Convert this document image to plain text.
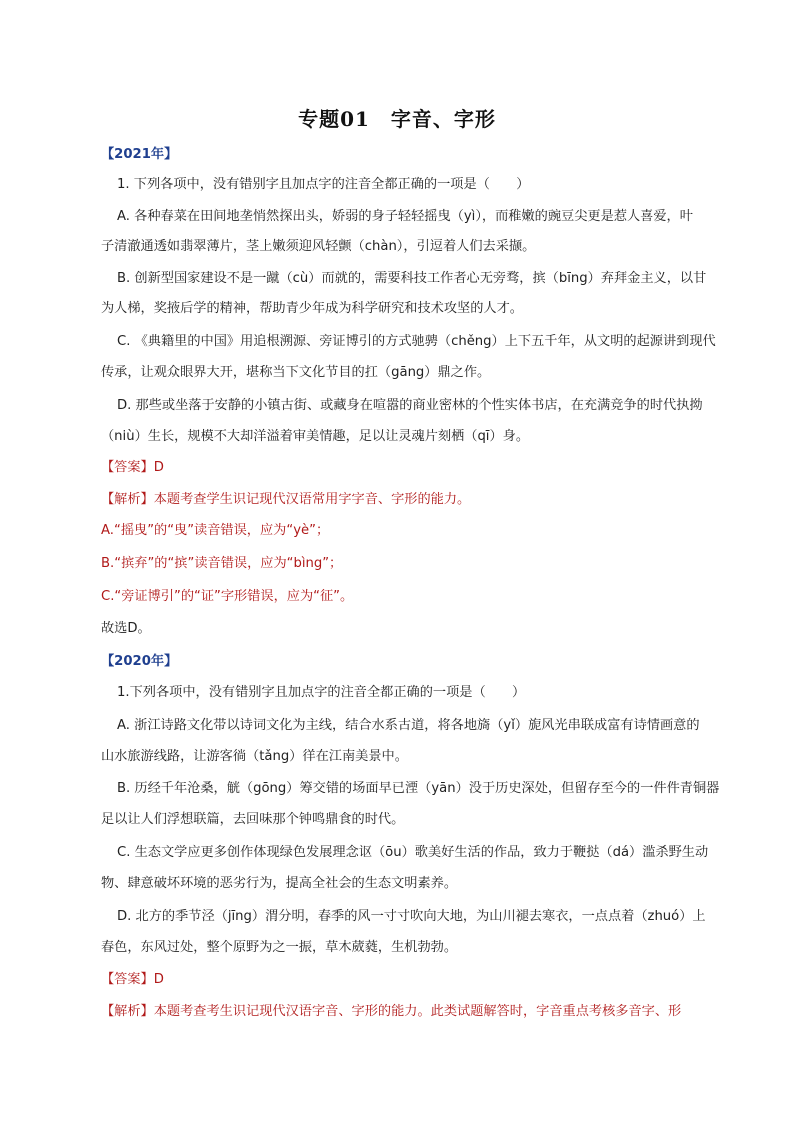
专题01　字音、字形
【2021年】
1. 下列各项中，没有错别字且加点字的注音全都正确的一项是（　　）
A. 各种春菜在田间地垄悄然探出头，娇弱的身子轻轻摇曳（yì），而稚嫩的豌豆尖更是惹人喜爱，叶
子清澈通透如翡翠薄片，茎上嫩须迎风轻颤（chàn），引逗着人们去采撷。
B. 创新型国家建设不是一蹴（cù）而就的，需要科技工作者心无旁骛，摈（bīng）弃拜金主义，以甘
为人梯，奖掖后学的精神，帮助青少年成为科学研究和技术攻坚的人才。
C. 《典籍里的中国》用追根溯源、旁证博引的方式驰骋（chěng）上下五千年，从文明的起源讲到现代
传承，让观众眼界大开，堪称当下文化节目的扛（gāng）鼎之作。
D. 那些或坐落于安静的小镇古街、或藏身在喧嚣的商业密林的个性实体书店，在充满竞争的时代执拗
（niù）生长，规模不大却洋溢着审美情趣，足以让灵魂片刻栖（qī）身。
【答案】D
【解析】本题考查学生识记现代汉语常用字字音、字形的能力。
A.“摇曳”的“曳”读音错误，应为“yè”；
B.“摈弃”的“摈”读音错误，应为“bìng”；
C.“旁证博引”的“证”字形错误，应为“征”。
故选D。
【2020年】
1.下列各项中，没有错别字且加点字的注音全都正确的一项是（　　）
A. 浙江诗路文化带以诗词文化为主线，结合水系古道，将各地旖（yǐ）旎风光串联成富有诗情画意的
山水旅游线路，让游客徜（tǎng）徉在江南美景中。
B. 历经千年沧桑，觥（gōng）筹交错的场面早已湮（yān）没于历史深处，但留存至今的一件件青铜器
足以让人们浮想联篇，去回味那个钟鸣鼎食的时代。
C. 生态文学应更多创作体现绿色发展理念讴（ōu）歌美好生活的作品，致力于鞭挞（dá）滥杀野生动
物、肆意破坏环境的恶劣行为，提高全社会的生态文明素养。
D. 北方的季节泾（jīng）渭分明，春季的风一寸寸吹向大地，为山川褪去寒衣，一点点着（zhuó）上
春色，东风过处，整个原野为之一振，草木葳蕤，生机勃勃。
【答案】D
【解析】本题考查考生识记现代汉语字音、字形的能力。此类试题解答时，字音重点考核多音字、形
